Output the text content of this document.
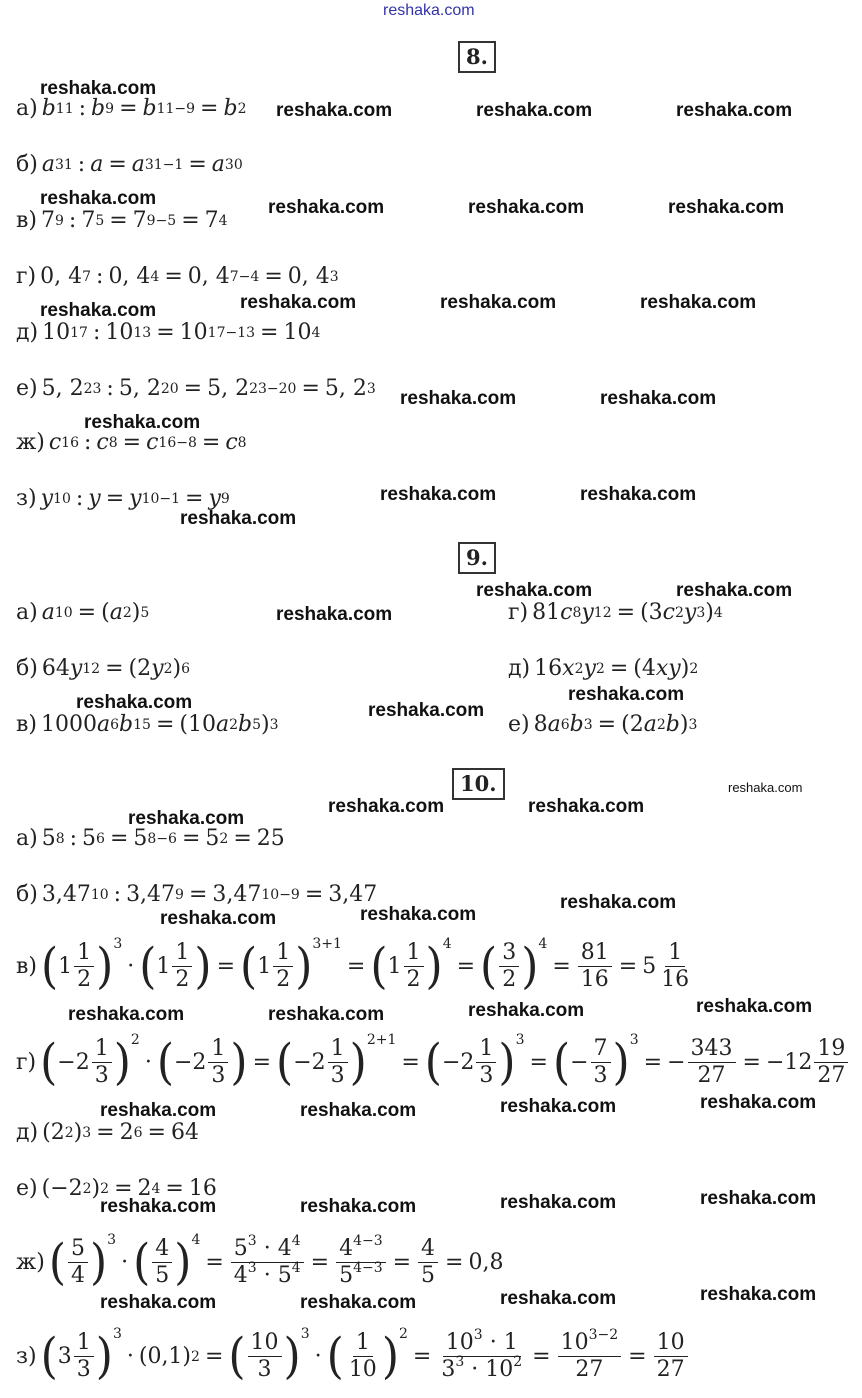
reshaka.com
8.
а) b 11 : b 9 = b 11−9 = b 2
б) a 31 : a = a 31−1 = a 30
в) 7 9 : 7 5 = 7 9−5 = 7 4
г) 0, 4 7 : 0, 4 4 = 0, 4 7−4 = 0, 4 3
д) 10 17 : 10 13 = 10 17−13 = 10 4
е) 5, 2 23 : 5, 2 20 = 5, 2 23−20 = 5, 2 3
ж) c 16 : c 8 = c 16−8 = c 8
з) y 10 : y = y 10−1 = y 9
9.
а) a 10 = ( a 2 ) 5
б) 64 y 12 = (2 y 2 ) 6
в) 1000 a 6 b 15 = (10 a 2 b 5 ) 3
г) 81 c 8 y 12 = (3 c 2 y 3 ) 4
д) 16 x 2 y 2 = (4 xy ) 2
е) 8 a 6 b 3 = (2 a 2 b ) 3
10.
а) 5 8 : 5 6 = 5 8−6 = 5 2 = 25
б) 3,47 10 : 3,47 9 = 3,47 10−9 = 3,47
в) ( $1 \frac{1}{2}$ ) 3
· ( $1 \frac{1}{2}$ ) = ( $1 \frac{1}{2}$ ) 3+1
= ( $1 \frac{1}{2}$ ) 4
= ( $\frac{3}{2}$ ) 4
= $\frac{81}{16} = 5 \frac{1}{16}$
г) ( $-2 \frac{1}{3}$ ) 2
· ( $-2 \frac{1}{3}$ ) = ( $-2 \frac{1}{3}$ ) 2+1
= ( $-2 \frac{1}{3}$ ) 3
= ( − $\frac{7}{3}$ ) 3
= − $\frac{343}{27} = -12 \frac{19}{27}$
д) (2 2 ) 3 = 2 6 = 64
е) (−2 2 ) 2 = 2 4 = 16
ж) ( $\frac{5}{4}$ ) 3
· ( $\frac{4}{5}$ ) 4
= $\frac{5^3 \cdot 4^4}{4^3 \cdot 5^4} = \frac{4^{4-3}}{5^{4-3}} = \frac{4}{5} = 0,8$
з) ( $3 \frac{1}{3}$ ) 3
· (0,1) 2 = ( $\frac{10}{3}$ ) 3
· ( $\frac{1}{10}$ ) 2
= $\frac{10^3 \cdot 1}{3^3 \cdot 10^2} = \frac{10^{3-2}}{27} = \frac{10}{27}$
reshaka.com
reshaka.com	reshaka.com	reshaka.com
reshaka.com	reshaka.com	reshaka.com	reshaka.com
reshaka.com	reshaka.com	reshaka.com	reshaka.com
reshaka.com	reshaka.com
reshaka.com
reshaka.com	reshaka.com
reshaka.com
reshaka.com	reshaka.com
reshaka.com
reshaka.com
reshaka.com	reshaka.com
reshaka.com
reshaka.com	reshaka.com
reshaka.com
reshaka.com
reshaka.com
reshaka.com
reshaka.com
reshaka.com
reshaka.com	reshaka.com
reshaka.com
reshaka.com
reshaka.com	reshaka.com
reshaka.com
reshaka.com
reshaka.com	reshaka.com
reshaka.com
reshaka.com
reshaka.com	reshaka.com
